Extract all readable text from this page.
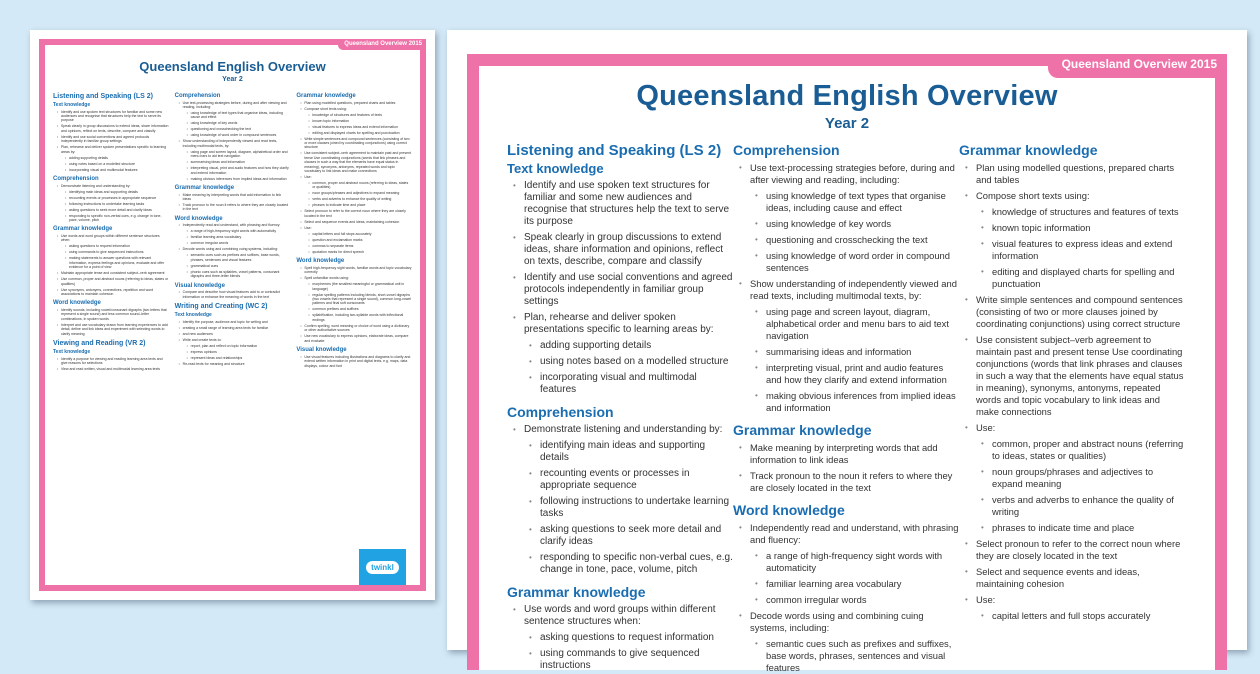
Queensland Overview 2015
Queensland English Overview
Year 2
Listening and Speaking (LS 2)
Text knowledge
• Identify and use spoken text structures for familiar and some new audiences and recognise that structures help the text to serve its purpose
• Speak clearly in group discussions to extend ideas, share information and opinions, reflect on texts, describe, compare and classify
• Identify and use social conventions and agreed protocols independently in familiar group settings
• Plan, rehearse and deliver spoken presentations specific to learning areas by:
• adding supporting details
• using notes based on a modelled structure
• incorporating visual and multimodal features
Comprehension
• Demonstrate listening and understanding by:
• identifying main ideas and supporting details
• recounting events or processes in appropriate sequence
• following instructions to undertake learning tasks
• asking questions to seek more detail and clarify ideas
• responding to specific non-verbal cues, e.g. change in tone, pace, volume, pitch
Grammar knowledge
• Use words and word groups within different sentence structures when:
• asking questions to request information
• using commands to give sequenced instructions
• making statements to answer questions with relevant information, express feelings and opinions, evaluate and offer evidence for a point of view
• Maintain appropriate tense and consistent subject–verb agreement
• Use common, proper and abstract nouns (referring to ideas, states or qualities)
• Use synonyms, antonyms, connectives, repetition and word associations to maintain cohesion
Word knowledge
• Identify sounds, including vowel/consonant digraphs (two letters that represent a single sound) and less common sound–letter combinations, in spoken words
• Interpret and use vocabulary drawn from learning experiences to add detail, define and link ideas and experiment with selecting words to clarify meaning
Viewing and Reading (VR 2)
Text knowledge
• Identify a purpose for viewing and reading learning area texts and give reasons for selections
• View and read written, visual and multimodal learning area texts
Comprehension
• Use text-processing strategies before, during and after viewing and reading, including:
• using knowledge of text types that organise ideas, including cause and effect
• using knowledge of key words
• questioning and crosschecking the text
• using knowledge of word order in compound sentences
• Show understanding of independently viewed and read texts, including multimodal texts, by:
• using page and screen layout, diagram, alphabetical order and menu bars to aid text navigation
• summarising ideas and information
• interpreting visual, print and audio features and how they clarify and extend information
• making obvious inferences from implied ideas and information
Grammar knowledge
• Make meaning by interpreting words that add information to link ideas
• Track pronoun to the noun it refers to where they are closely located in the text
Word knowledge
• Independently read and understand, with phrasing and fluency:
• a range of high-frequency sight words with automaticity
• familiar learning area vocabulary
• common irregular words
• Decode words using and combining cuing systems, including:
• semantic cues such as prefixes and suffixes, base words, phrases, sentences and visual features
• grammatical cues
• phonic cues such as syllables, vowel patterns, consonant digraphs and three-letter blends
Visual knowledge
• Compare and describe how visual features add to or contradict information or enhance the meaning of words in the text
Writing and Creating (WC 2)
Text knowledge
• Identify the purpose, audience and topic for writing and
• creating a small range of learning area texts for familiar
• and new audiences
• Write and create texts to:
• report, plan and reflect on topic information
• express opinions
• represent ideas and relationships
• Re-read texts for meaning and structure
Grammar knowledge
• Plan using modelled questions, prepared charts and tables
• Compose short texts using:
• knowledge of structures and features of texts
• known topic information
• visual features to express ideas and extend information
• editing and displayed charts for spelling and punctuation
• Write simple sentences and compound sentences (consisting of two or more clauses joined by coordinating conjunctions) using correct structure
• Use consistent subject–verb agreement to maintain past and present tense Use coordinating conjunctions (words that link phrases and clauses in such a way that the elements have equal status in meaning), synonyms, antonyms, repeated words and topic vocabulary to link ideas and make connections
• Use:
• common, proper and abstract nouns (referring to ideas, states or qualities)
• noun groups/phrases and adjectives to expand meaning
• verbs and adverbs to enhance the quality of writing
• phrases to indicate time and place
• Select pronoun to refer to the correct noun where they are closely located in the text
• Select and sequence events and ideas, maintaining cohesion
• Use:
• capital letters and full stops accurately
• question and exclamation marks
• commas to separate items
• quotation marks for direct speech
Word knowledge
• Spell high-frequency sight words, familiar words and topic vocabulary correctly
• Spell unfamiliar words using:
• morphemes (the smallest meaningful or grammatical unit in language)
• regular spelling patterns including blends, short-vowel digraphs (two vowels that represent a single sound), common long-vowel patterns and final soft consonants
• common prefixes and suffixes
• syllabification, including two-syllable words with inflectional endings
• Confirm spelling, word meaning or choice of word using a dictionary or other authoritative sources
• Use new vocabulary to express opinions, elaborate ideas, compare and evaluate
Visual knowledge
• Use visual features including illustrations and diagrams to clarify and extend written information in print and digital texts, e.g. maps, data displays, colour and font
twinkl
Queensland Overview 2015
Queensland English Overview
Year 2
Listening and Speaking (LS 2)
Text knowledge
• Identify and use spoken text structures for familiar and some new audiences and recognise that structures help the text to serve its purpose
• Speak clearly in group discussions to extend ideas, share information and opinions, reflect on texts, describe, compare and classify
• Identify and use social conventions and agreed protocols independently in familiar group settings
• Plan, rehearse and deliver spoken presentations specific to learning areas by:
• adding supporting details
• using notes based on a modelled structure
• incorporating visual and multimodal features
Comprehension
• Demonstrate listening and understanding by:
• identifying main ideas and supporting details
• recounting events or processes in appropriate sequence
• following instructions to undertake learning tasks
• asking questions to seek more detail and clarify ideas
• responding to specific non-verbal cues, e.g. change in tone, pace, volume, pitch
Grammar knowledge
• Use words and word groups within different sentence structures when:
• asking questions to request information
• using commands to give sequenced instructions
Comprehension
• Use text-processing strategies before, during and after viewing and reading, including:
• using knowledge of text types that organise ideas, including cause and effect
• using knowledge of key words
• questioning and crosschecking the text
• using knowledge of word order in compound sentences
• Show understanding of independently viewed and read texts, including multimodal texts, by:
• using page and screen layout, diagram, alphabetical order and menu bars to aid text navigation
• summarising ideas and information
• interpreting visual, print and audio features and how they clarify and extend information
• making obvious inferences from implied ideas and information
Grammar knowledge
• Make meaning by interpreting words that add information to link ideas
• Track pronoun to the noun it refers to where they are closely located in the text
Word knowledge
• Independently read and understand, with phrasing and fluency:
• a range of high-frequency sight words with automaticity
• familiar learning area vocabulary
• common irregular words
• Decode words using and combining cuing systems, including:
• semantic cues such as prefixes and suffixes, base words, phrases, sentences and visual features
Grammar knowledge
• Plan using modelled questions, prepared charts and tables
• Compose short texts using:
• knowledge of structures and features of texts
• known topic information
• visual features to express ideas and extend information
• editing and displayed charts for spelling and punctuation
• Write simple sentences and compound sentences (consisting of two or more clauses joined by coordinating conjunctions) using correct structure
• Use consistent subject–verb agreement to maintain past and present tense Use coordinating conjunctions (words that link phrases and clauses in such a way that the elements have equal status in meaning), synonyms, antonyms, repeated words and topic vocabulary to link ideas and make connections
• Use:
• common, proper and abstract nouns (referring to ideas, states or qualities)
• noun groups/phrases and adjectives to expand meaning
• verbs and adverbs to enhance the quality of writing
• phrases to indicate time and place
• Select pronoun to refer to the correct noun where they are closely located in the text
• Select and sequence events and ideas, maintaining cohesion
• Use:
• capital letters and full stops accurately
